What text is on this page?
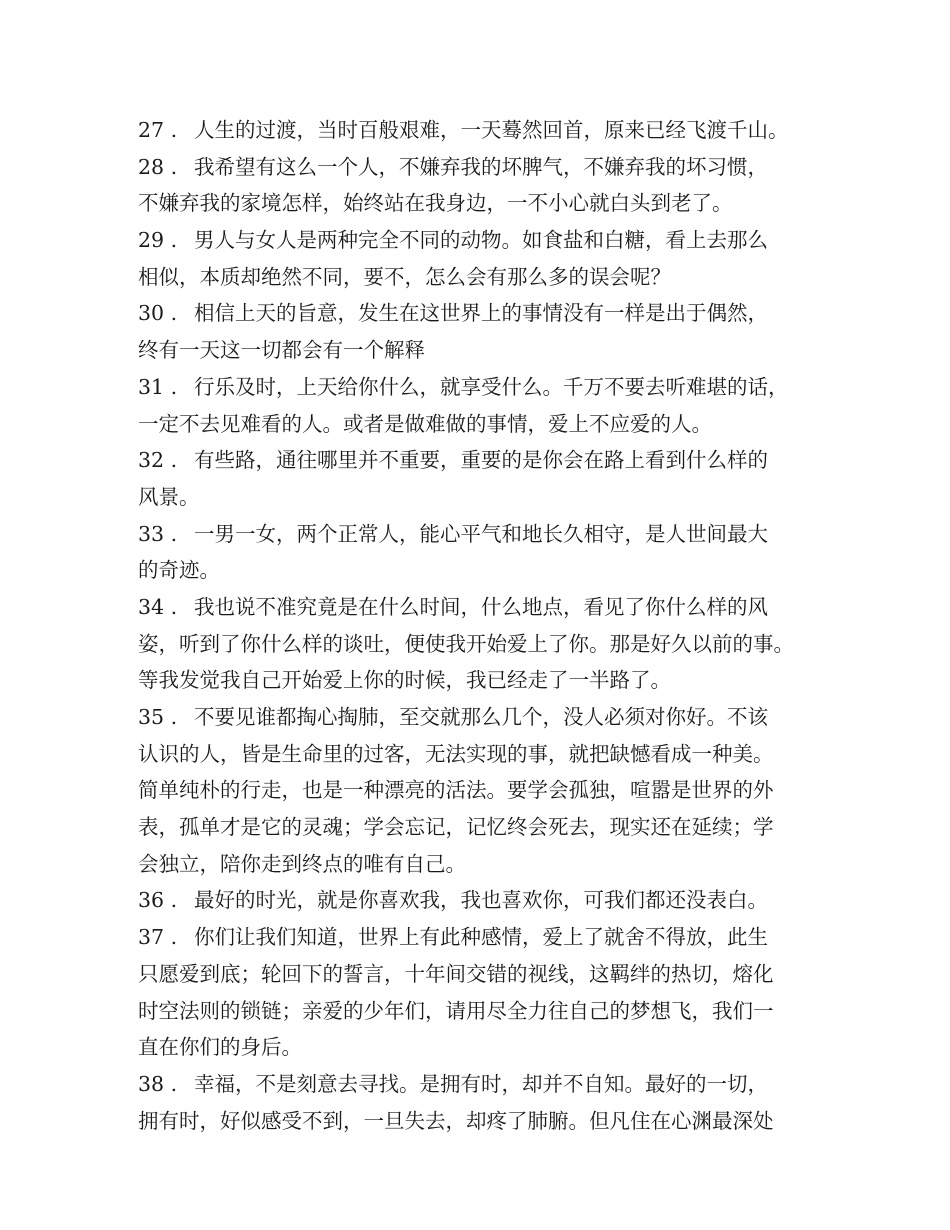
27 . 人生的过渡，当时百般艰难，一天蓦然回首，原来已经飞渡千山。
28 . 我希望有这么一个人，不嫌弃我的坏脾气，不嫌弃我的坏习惯，
不嫌弃我的家境怎样，始终站在我身边，一不小心就白头到老了。
29 . 男人与女人是两种完全不同的动物。如食盐和白糖，看上去那么
相似，本质却绝然不同，要不，怎么会有那么多的误会呢？
30 . 相信上天的旨意，发生在这世界上的事情没有一样是出于偶然，
终有一天这一切都会有一个解释
31 . 行乐及时，上天给你什么，就享受什么。千万不要去听难堪的话，
一定不去见难看的人。或者是做难做的事情，爱上不应爱的人。
32 . 有些路，通往哪里并不重要，重要的是你会在路上看到什么样的
风景。
33 . 一男一女，两个正常人，能心平气和地长久相守，是人世间最大
的奇迹。
34 . 我也说不准究竟是在什么时间，什么地点，看见了你什么样的风
姿，听到了你什么样的谈吐，便使我开始爱上了你。那是好久以前的事。
等我发觉我自己开始爱上你的时候，我已经走了一半路了。
35 . 不要见谁都掏心掏肺，至交就那么几个，没人必须对你好。不该
认识的人，皆是生命里的过客，无法实现的事，就把缺憾看成一种美。
简单纯朴的行走，也是一种漂亮的活法。要学会孤独，喧嚣是世界的外
表，孤单才是它的灵魂；学会忘记，记忆终会死去，现实还在延续；学
会独立，陪你走到终点的唯有自己。
36 . 最好的时光，就是你喜欢我，我也喜欢你，可我们都还没表白。
37 . 你们让我们知道，世界上有此种感情，爱上了就舍不得放，此生
只愿爱到底；轮回下的誓言，十年间交错的视线，这羁绊的热切，熔化
时空法则的锁链；亲爱的少年们，请用尽全力往自己的梦想飞，我们一
直在你们的身后。
38 . 幸福，不是刻意去寻找。是拥有时，却并不自知。最好的一切，
拥有时，好似感受不到，一旦失去，却疼了肺腑。但凡住在心渊最深处
